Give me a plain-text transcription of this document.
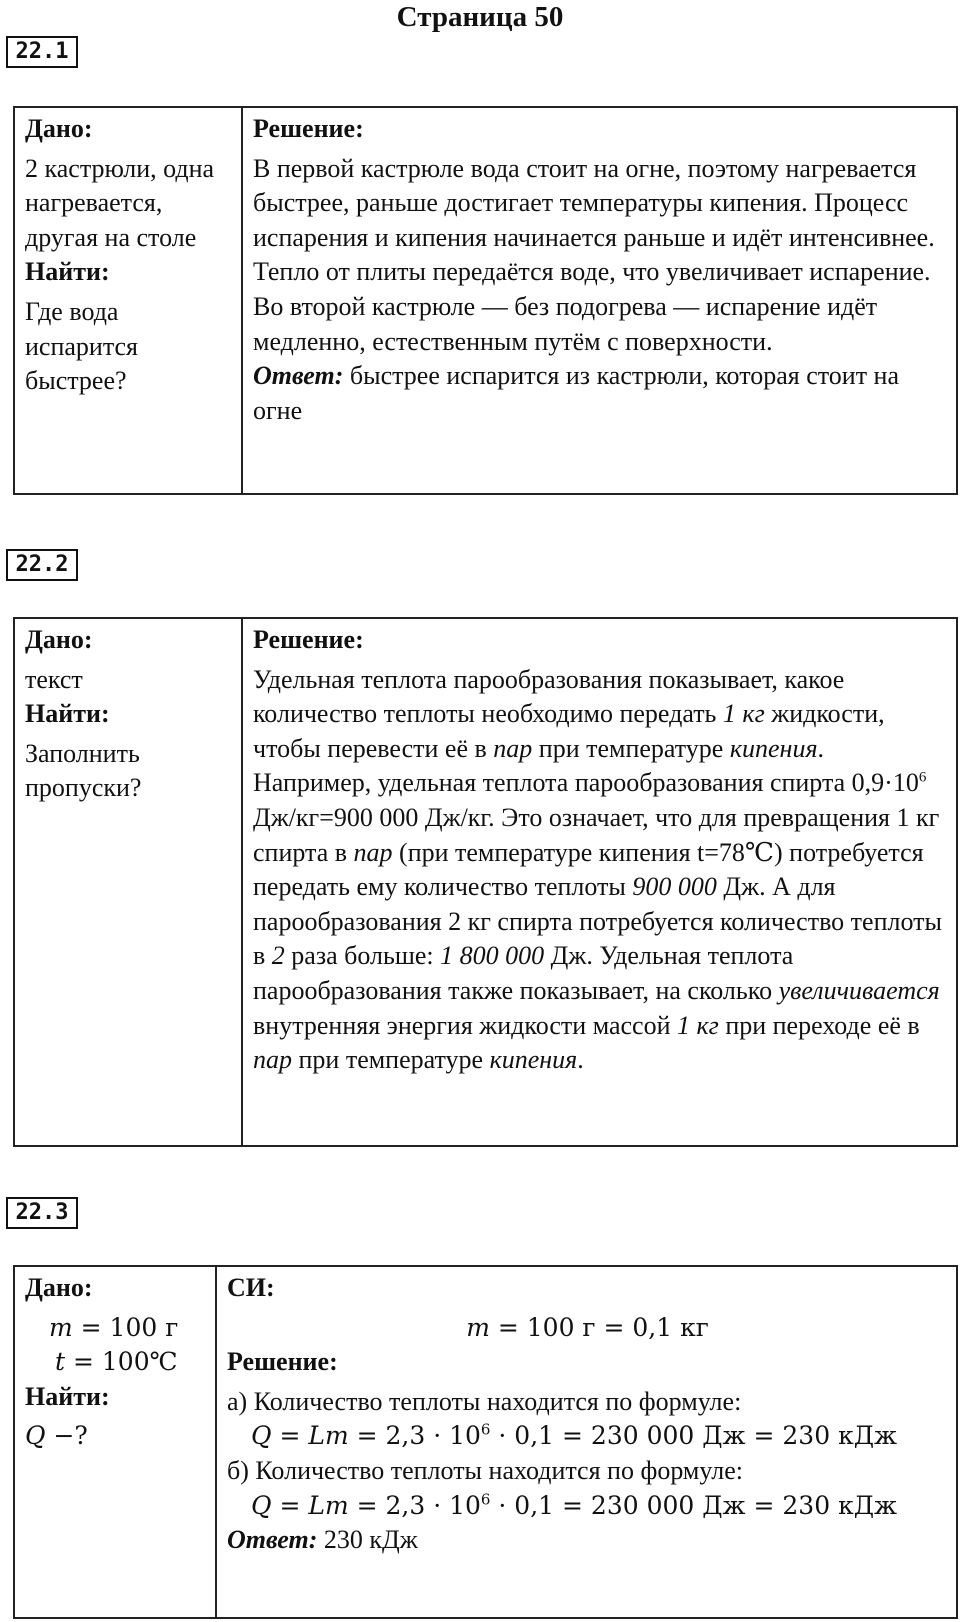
Страница 50
22.1
Дано:
2 кастрюли, одна нагревается, другая на столе
Найти:
Где вода испарится быстрее?

Решение:
В первой кастрюле вода стоит на огне, поэтому нагревается быстрее, раньше достигает температуры кипения. Процесс испарения и кипения начинается раньше и идёт интенсивнее. Тепло от плиты передаётся воде, что увеличивает испарение.
Во второй кастрюле — без подогрева — испарение идёт медленно, естественным путём с поверхности.
Ответ: быстрее испарится из кастрюли, которая стоит на огне
22.2
Дано:
текст
Найти:
Заполнить пропуски?

Решение:
Удельная теплота парообразования показывает, какое количество теплоты необходимо передать 1 кг жидкости, чтобы перевести её в пар при температуре кипения. Например, удельная теплота парообразования спирта $0,9\cdot 10^6$ Дж/кг=900 000 Дж/кг. Это означает, что для превращения 1 кг спирта в пар (при температуре кипения t=78℃) потребуется передать ему количество теплоты 900 000 Дж. А для парообразования 2 кг спирта потребуется количество теплоты в 2 раза больше: 1 800 000 Дж. Удельная теплота парообразования также показывает, на сколько увеличивается внутренняя энергия жидкости массой 1 кг при переходе её в пар при температуре кипения.
22.3
Дано:
m = 100 г
t = 100℃
Найти:
Q −?

СИ:
m = 100 г = 0,1 кг
Решение:
а) Количество теплоты находится по формуле:
$Q = Lm = 2,3 \cdot 10^6 \cdot 0,1 = 230$ 000 Дж = 230 кДж
б) Количество теплоты находится по формуле:
$Q = Lm = 2,3 \cdot 10^6 \cdot 0,1 = 230$ 000 Дж = 230 кДж
Ответ: 230 кДж
